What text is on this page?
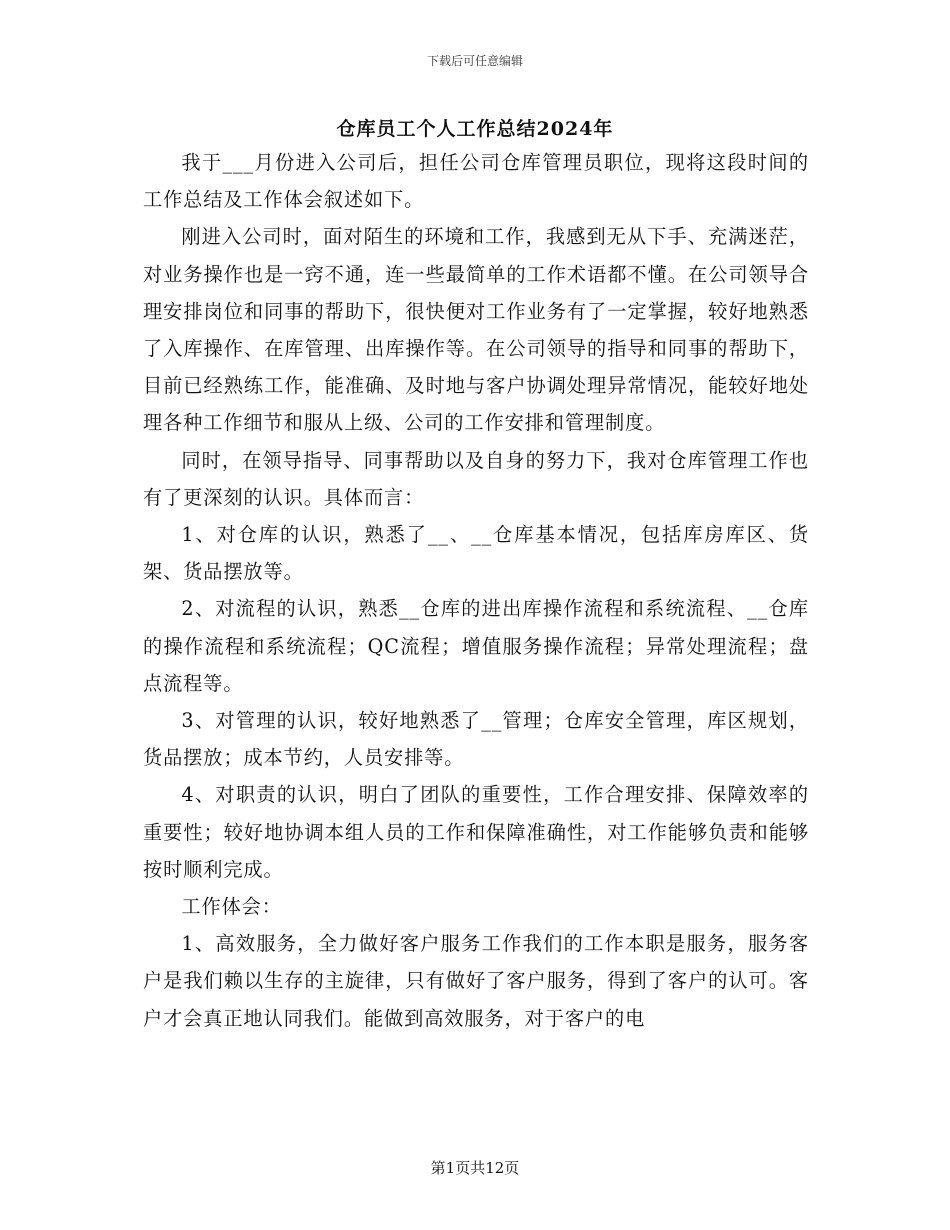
下载后可任意编辑
仓库员工个人工作总结2024年

我于___月份进入公司后，担任公司仓库管理员职位，现将这段时间的工作总结及工作体会叙述如下。

刚进入公司时，面对陌生的环境和工作，我感到无从下手、充满迷茫，对业务操作也是一窍不通，连一些最简单的工作术语都不懂。在公司领导合理安排岗位和同事的帮助下，很快便对工作业务有了一定掌握，较好地熟悉了入库操作、在库管理、出库操作等。在公司领导的指导和同事的帮助下，目前已经熟练工作，能准确、及时地与客户协调处理异常情况，能较好地处理各种工作细节和服从上级、公司的工作安排和管理制度。

同时，在领导指导、同事帮助以及自身的努力下，我对仓库管理工作也有了更深刻的认识。具体而言：

1、对仓库的认识，熟悉了__、__仓库基本情况，包括库房库区、货架、货品摆放等。

2、对流程的认识，熟悉__仓库的进出库操作流程和系统流程、__仓库的操作流程和系统流程；QC流程；增值服务操作流程；异常处理流程；盘点流程等。

3、对管理的认识，较好地熟悉了__管理；仓库安全管理，库区规划，货品摆放；成本节约，人员安排等。

4、对职责的认识，明白了团队的重要性，工作合理安排、保障效率的重要性；较好地协调本组人员的工作和保障准确性，对工作能够负责和能够按时顺利完成。

工作体会：

1、高效服务，全力做好客户服务工作我们的工作本职是服务，服务客户是我们赖以生存的主旋律，只有做好了客户服务，得到了客户的认可。客户才会真正地认同我们。能做到高效服务，对于客户的电

第1页共12页
